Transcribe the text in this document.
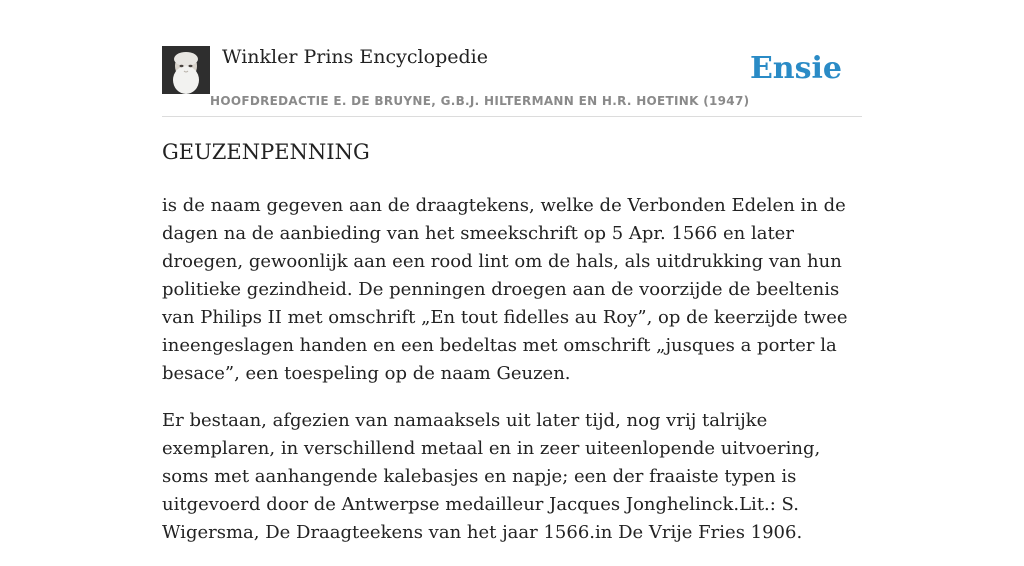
Winkler Prins Encyclopedie
HOOFDREDACTIE E. DE BRUYNE, G.B.J. HILTERMANN EN H.R. HOETINK (1947)
Ensie
GEUZENPENNING

is de naam gegeven aan de draagtekens, welke de Verbonden Edelen in de dagen na de aanbieding van het smeekschrift op 5 Apr. 1566 en later droegen, gewoonlijk aan een rood lint om de hals, als uitdrukking van hun politieke gezindheid. De penningen droegen aan de voorzijde de beeltenis van Philips II met omschrift „En tout fidelles au Roy”, op de keerzijde twee ineengeslagen handen en een bedeltas met omschrift „jusques a porter la besace”, een toespeling op de naam Geuzen.

Er bestaan, afgezien van namaaksels uit later tijd, nog vrij talrijke exemplaren, in verschillend metaal en in zeer uiteenlopende uitvoering, soms met aanhangende kalebasjes en napje; een der fraaiste typen is uitgevoerd door de Antwerpse medailleur Jacques Jonghelinck.Lit.: S. Wigersma, De Draagteekens van het jaar 1566.in De Vrije Fries 1906.
